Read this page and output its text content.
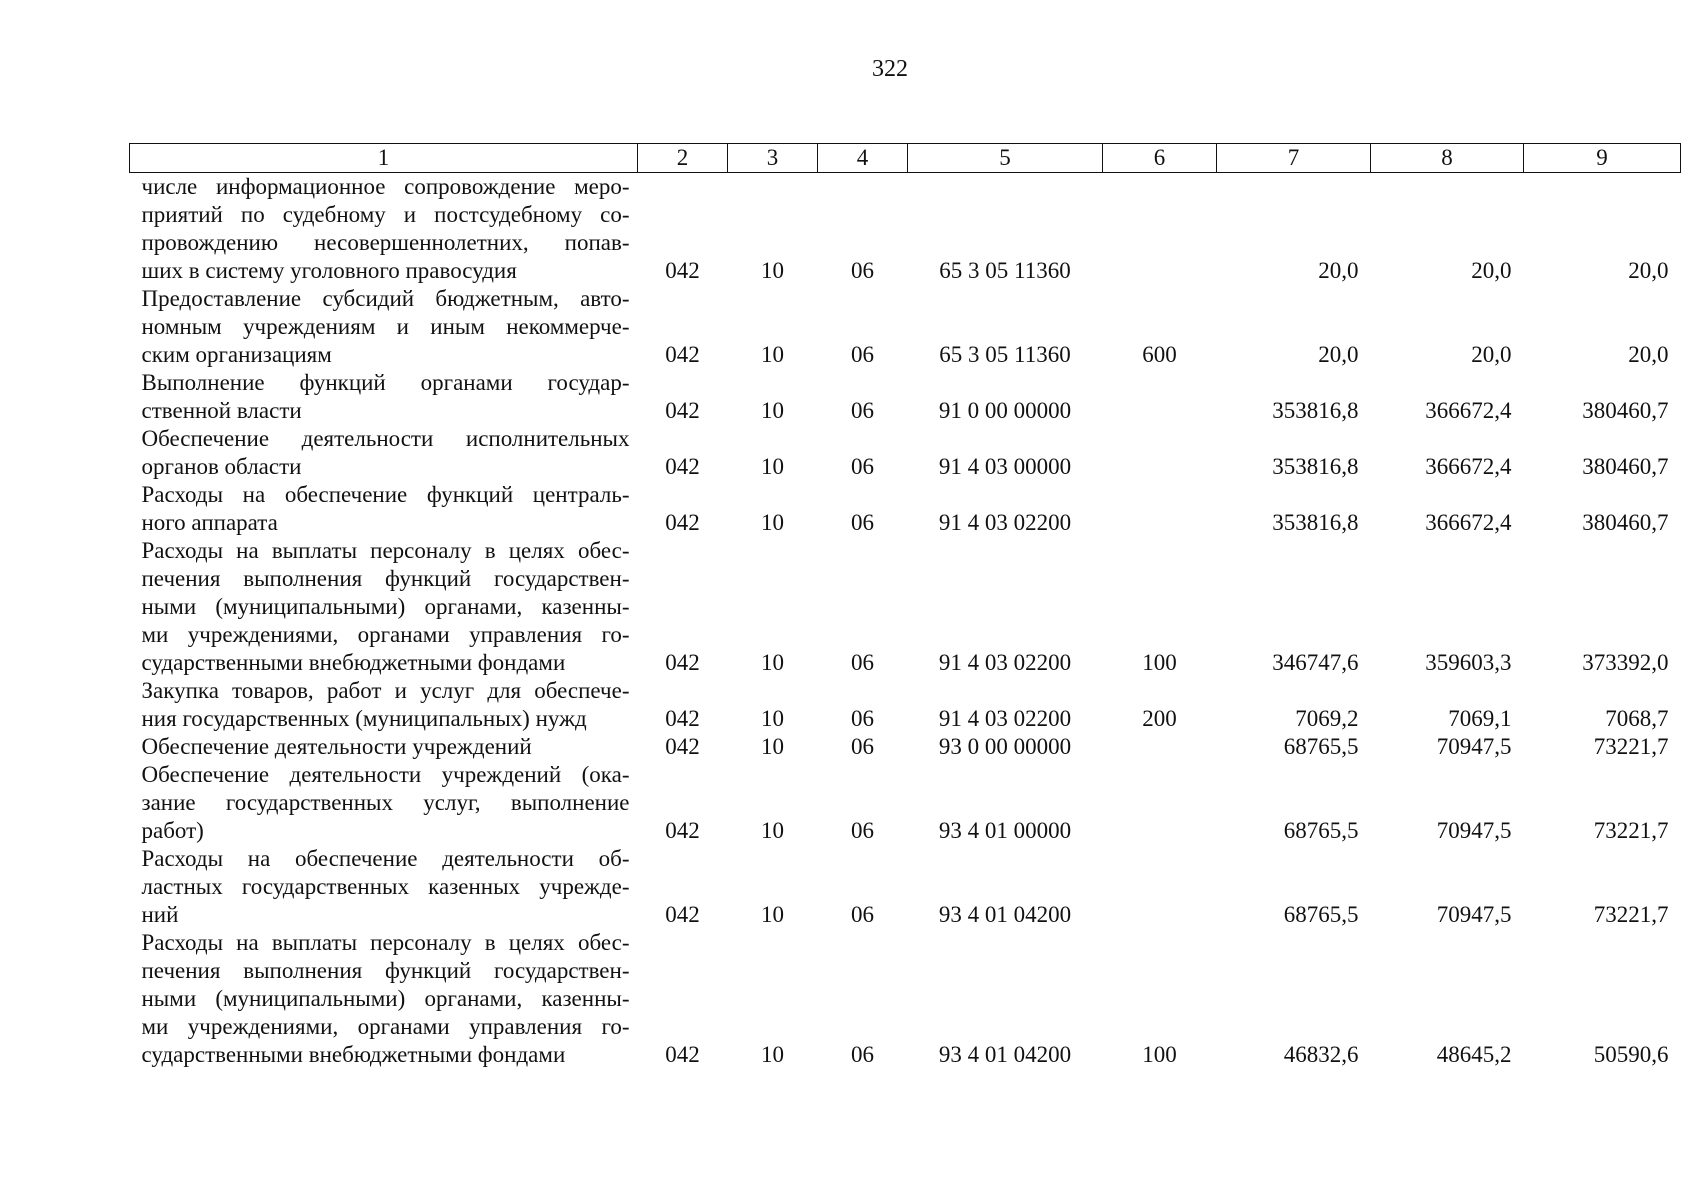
322
1	2	3	4	5	6	7	8	9

числе информационное сопровождение меро-
приятий по судебному и постсудебному со-
провождению несовершеннолетних, попав-
ших в систему уголовного правосудия	042	10	06	65 3 05 11360		20,0	20,0	20,0

Предоставление субсидий бюджетным, авто-
номным учреждениям и иным некоммерче-
ским организациям	042	10	06	65 3 05 11360	600	20,0	20,0	20,0

Выполнение функций органами государ-
ственной власти	042	10	06	91 0 00 00000		353816,8	366672,4	380460,7

Обеспечение деятельности исполнительных
органов области	042	10	06	91 4 03 00000		353816,8	366672,4	380460,7

Расходы на обеспечение функций централь-
ного аппарата	042	10	06	91 4 03 02200		353816,8	366672,4	380460,7

Расходы на выплаты персоналу в целях обес-
печения выполнения функций государствен-
ными (муниципальными) органами, казенны-
ми учреждениями, органами управления го-
сударственными внебюджетными фондами	042	10	06	91 4 03 02200	100	346747,6	359603,3	373392,0

Закупка товаров, работ и услуг для обеспече-
ния государственных (муниципальных) нужд	042	10	06	91 4 03 02200	200	7069,2	7069,1	7068,7

Обеспечение деятельности учреждений	042	10	06	93 0 00 00000		68765,5	70947,5	73221,7

Обеспечение деятельности учреждений (ока-
зание государственных услуг, выполнение
работ)	042	10	06	93 4 01 00000		68765,5	70947,5	73221,7

Расходы на обеспечение деятельности об-
ластных государственных казенных учрежде-
ний	042	10	06	93 4 01 04200		68765,5	70947,5	73221,7

Расходы на выплаты персоналу в целях обес-
печения выполнения функций государствен-
ными (муниципальными) органами, казенны-
ми учреждениями, органами управления го-
сударственными внебюджетными фондами	042	10	06	93 4 01 04200	100	46832,6	48645,2	50590,6
